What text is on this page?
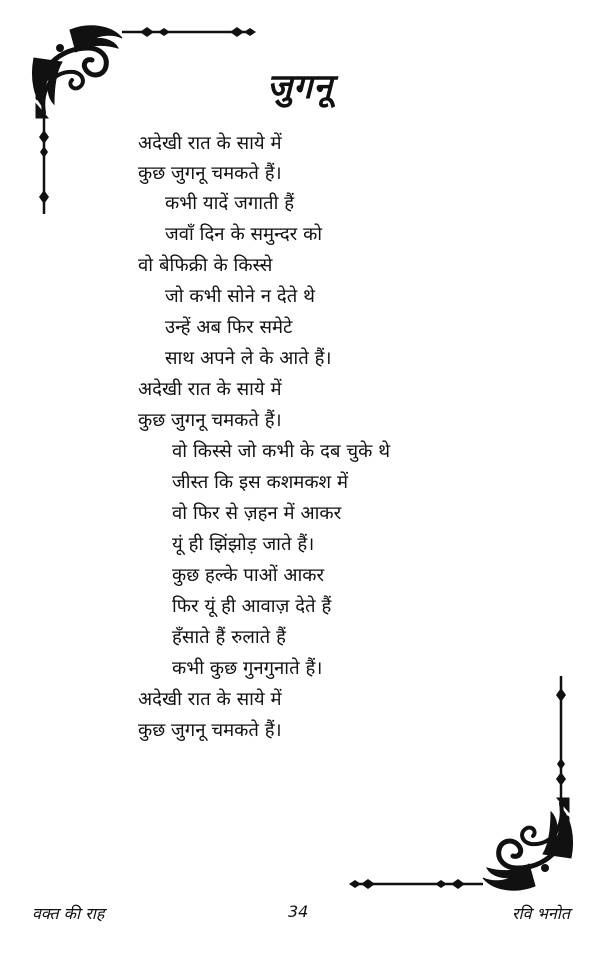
जुगनू
अदेखी रात के साये में
कुछ जुगनू चमकते हैं।
कभी यादें जगाती हैं
जवाँ दिन के समुन्दर को
वो बेफिक्री के किस्से
जो कभी सोने न देते थे
उन्हें अब फिर समेटे
साथ अपने ले के आते हैं।
अदेखी रात के साये में
कुछ जुगनू चमकते हैं।
वो किस्से जो कभी के दब चुके थे
जीस्त कि इस कशमकश में
वो फिर से ज़हन में आकर
यूं ही झिंझोड़ जाते हैं।
कुछ हल्के पाओं आकर
फिर यूं ही आवाज़ देते हैं
हँसाते हैं रुलाते हैं
कभी कुछ गुनगुनाते हैं।
अदेखी रात के साये में
कुछ जुगनू चमकते हैं।
वक्त की राह	34	रवि भनोत
